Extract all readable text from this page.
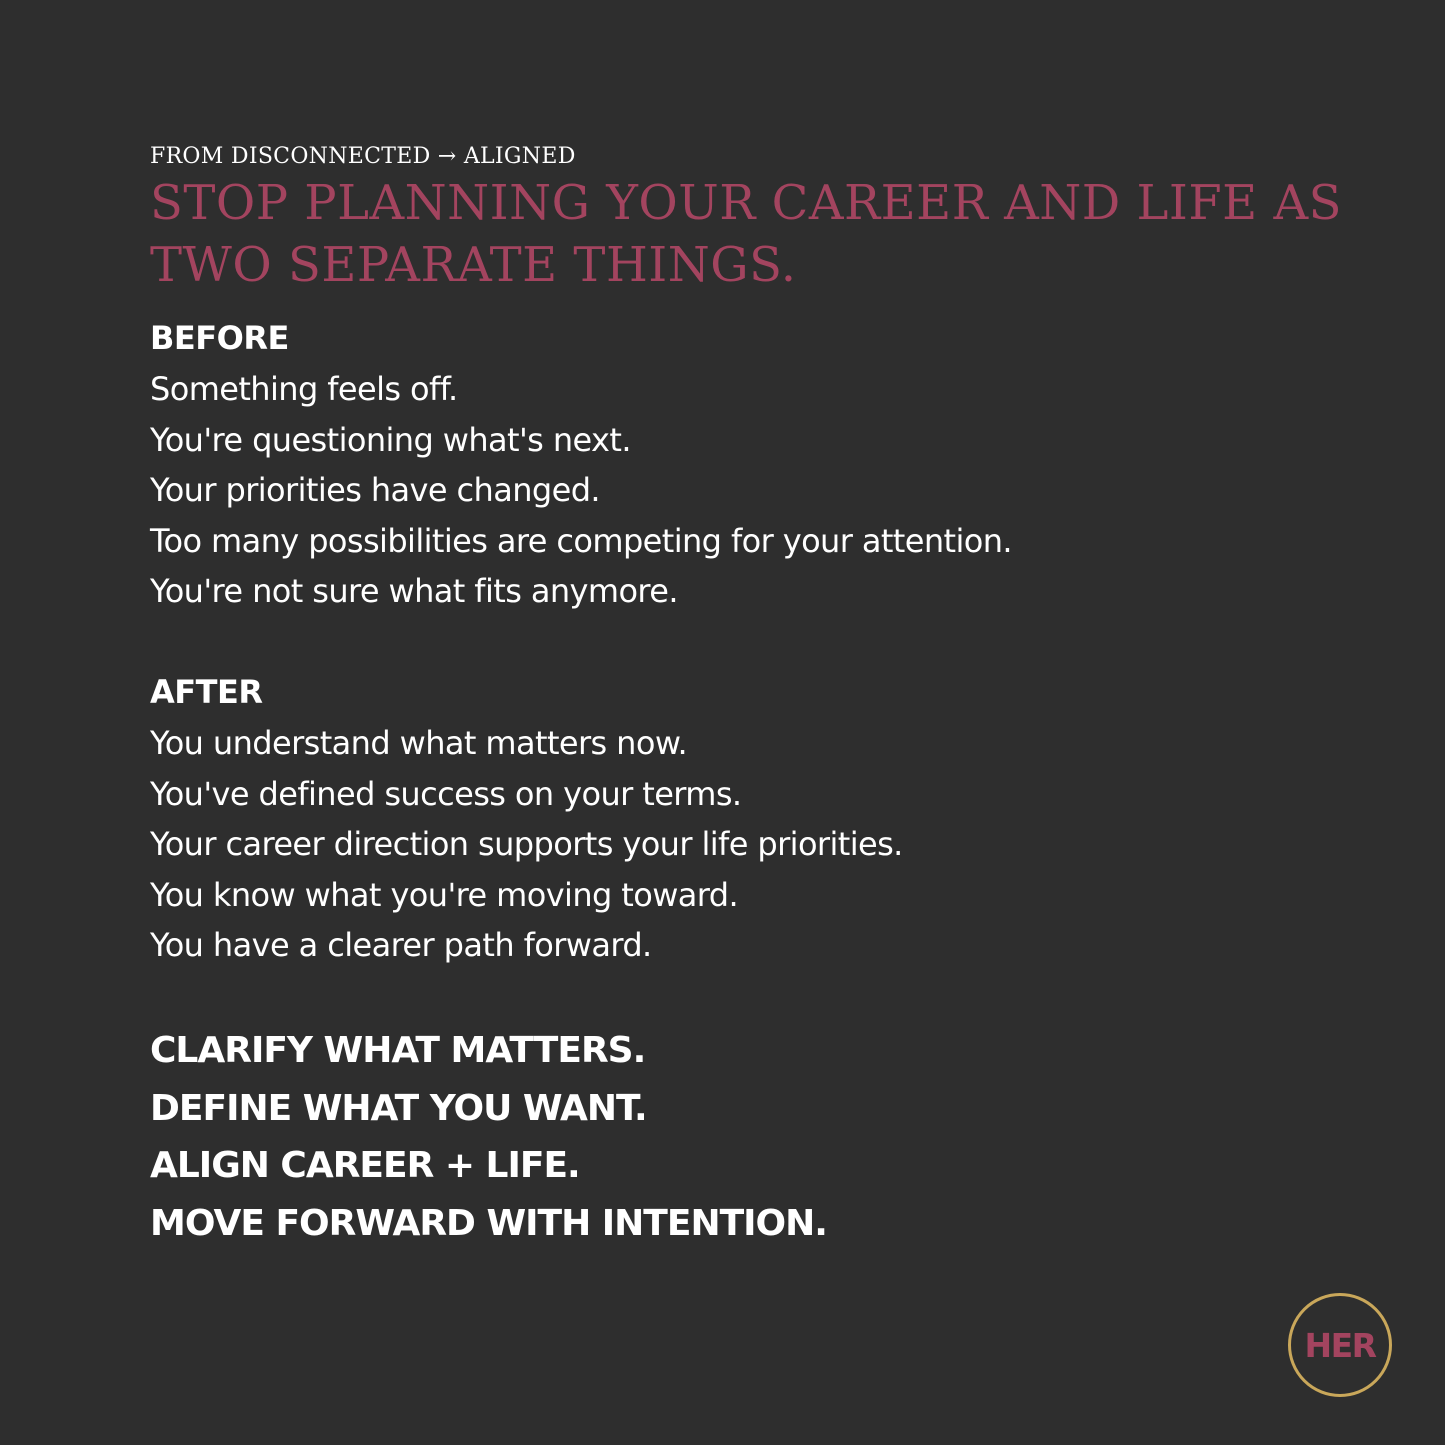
FROM DISCONNECTED → ALIGNED
STOP PLANNING YOUR CAREER AND LIFE AS TWO SEPARATE THINGS.
BEFORE
Something feels off.
You're questioning what's next.
Your priorities have changed.
Too many possibilities are competing for your attention.
You're not sure what fits anymore.
AFTER
You understand what matters now.
You've defined success on your terms.
Your career direction supports your life priorities.
You know what you're moving toward.
You have a clearer path forward.
CLARIFY WHAT MATTERS.
DEFINE WHAT YOU WANT.
ALIGN CAREER + LIFE.
MOVE FORWARD WITH INTENTION.
HER
